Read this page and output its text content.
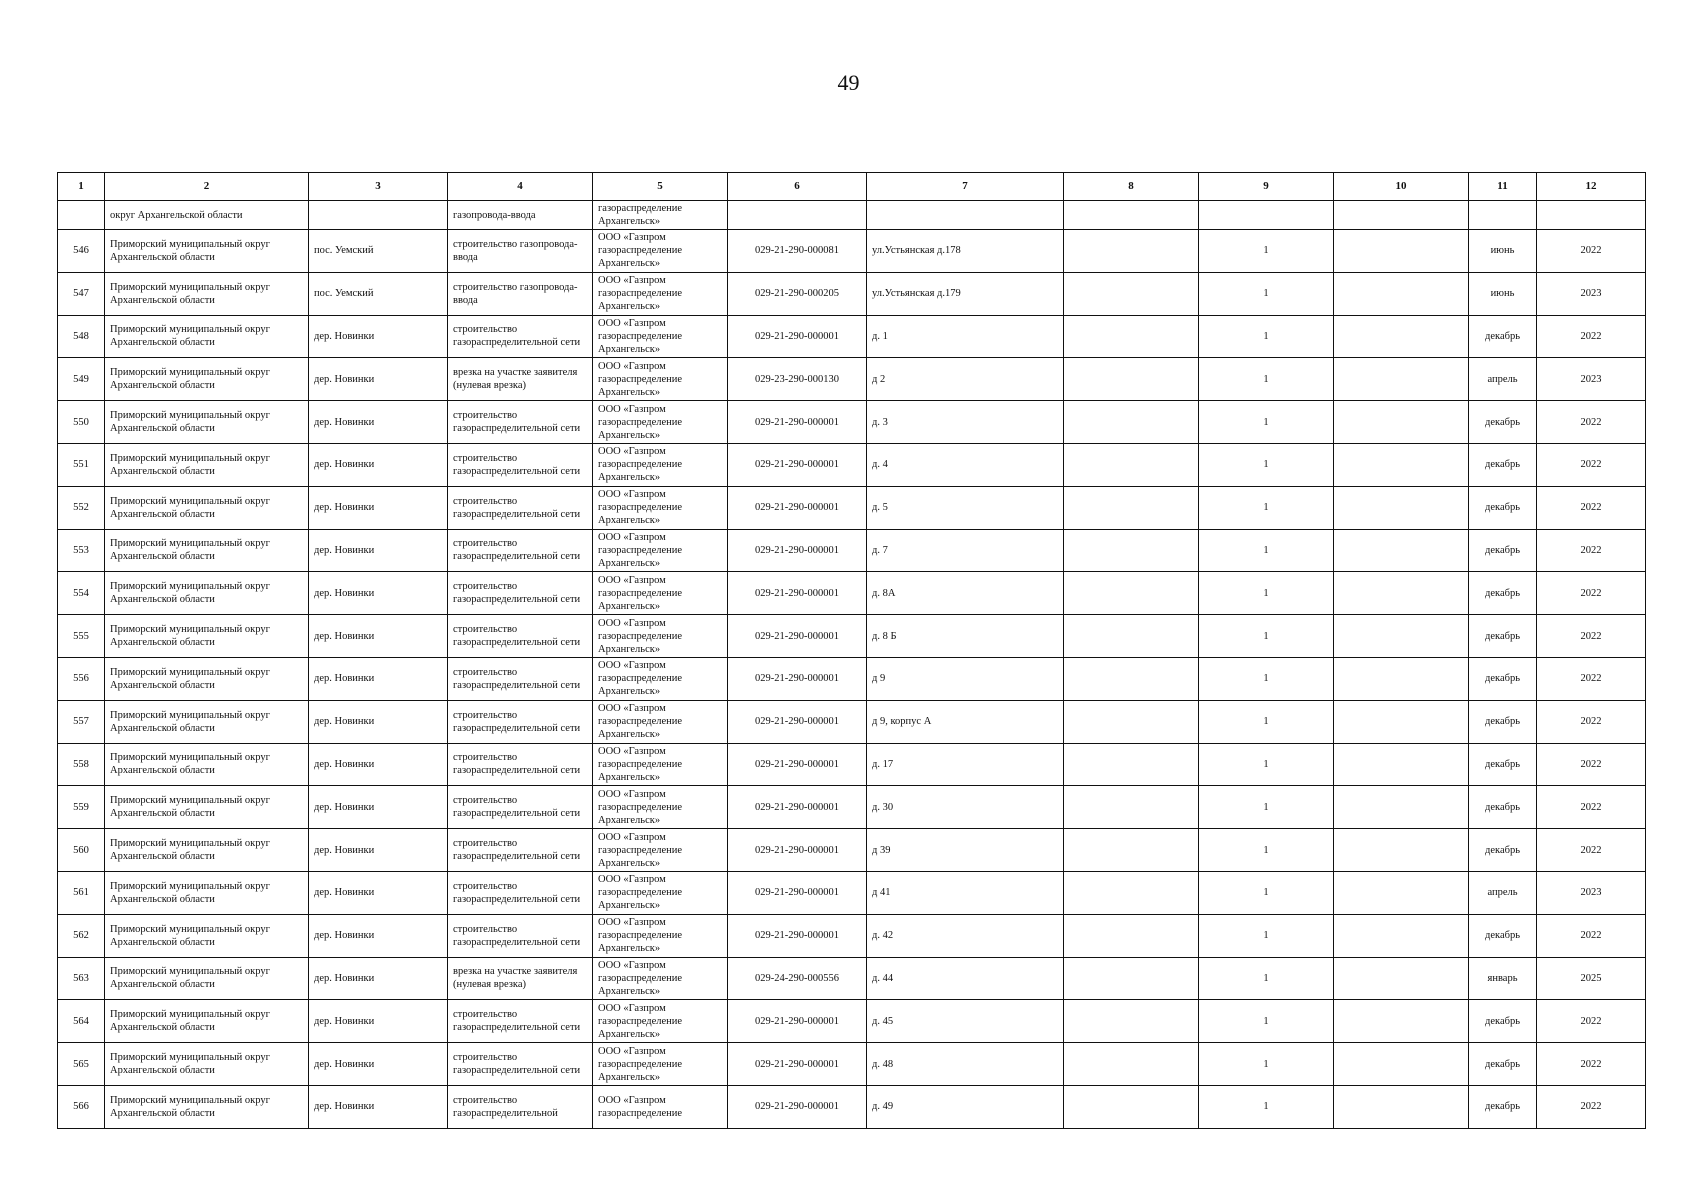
49
1	2	3	4	5	6	7	8	9	10	11	12
	округ Архангельской области		газопровода-ввода	газораспределение Архангельск»							
546	Приморский муниципальный округ Архангельской области	пос. Уемский	строительство газопровода-ввода	ООО «Газпром газораспределение Архангельск»	029-21-290-000081	ул.Устьянская д.178		1		июнь	2022
547	Приморский муниципальный округ Архангельской области	пос. Уемский	строительство газопровода-ввода	ООО «Газпром газораспределение Архангельск»	029-21-290-000205	ул.Устьянская д.179		1		июнь	2023
548	Приморский муниципальный округ Архангельской области	дер. Новинки	строительство газораспределительной сети	ООО «Газпром газораспределение Архангельск»	029-21-290-000001	д. 1		1		декабрь	2022
549	Приморский муниципальный округ Архангельской области	дер. Новинки	врезка на участке заявителя (нулевая врезка)	ООО «Газпром газораспределение Архангельск»	029-23-290-000130	д 2		1		апрель	2023
550	Приморский муниципальный округ Архангельской области	дер. Новинки	строительство газораспределительной сети	ООО «Газпром газораспределение Архангельск»	029-21-290-000001	д. 3		1		декабрь	2022
551	Приморский муниципальный округ Архангельской области	дер. Новинки	строительство газораспределительной сети	ООО «Газпром газораспределение Архангельск»	029-21-290-000001	д. 4		1		декабрь	2022
552	Приморский муниципальный округ Архангельской области	дер. Новинки	строительство газораспределительной сети	ООО «Газпром газораспределение Архангельск»	029-21-290-000001	д. 5		1		декабрь	2022
553	Приморский муниципальный округ Архангельской области	дер. Новинки	строительство газораспределительной сети	ООО «Газпром газораспределение Архангельск»	029-21-290-000001	д. 7		1		декабрь	2022
554	Приморский муниципальный округ Архангельской области	дер. Новинки	строительство газораспределительной сети	ООО «Газпром газораспределение Архангельск»	029-21-290-000001	д. 8А		1		декабрь	2022
555	Приморский муниципальный округ Архангельской области	дер. Новинки	строительство газораспределительной сети	ООО «Газпром газораспределение Архангельск»	029-21-290-000001	д. 8 Б		1		декабрь	2022
556	Приморский муниципальный округ Архангельской области	дер. Новинки	строительство газораспределительной сети	ООО «Газпром газораспределение Архангельск»	029-21-290-000001	д 9		1		декабрь	2022
557	Приморский муниципальный округ Архангельской области	дер. Новинки	строительство газораспределительной сети	ООО «Газпром газораспределение Архангельск»	029-21-290-000001	д 9, корпус А		1		декабрь	2022
558	Приморский муниципальный округ Архангельской области	дер. Новинки	строительство газораспределительной сети	ООО «Газпром газораспределение Архангельск»	029-21-290-000001	д. 17		1		декабрь	2022
559	Приморский муниципальный округ Архангельской области	дер. Новинки	строительство газораспределительной сети	ООО «Газпром газораспределение Архангельск»	029-21-290-000001	д. 30		1		декабрь	2022
560	Приморский муниципальный округ Архангельской области	дер. Новинки	строительство газораспределительной сети	ООО «Газпром газораспределение Архангельск»	029-21-290-000001	д 39		1		декабрь	2022
561	Приморский муниципальный округ Архангельской области	дер. Новинки	строительство газораспределительной сети	ООО «Газпром газораспределение Архангельск»	029-21-290-000001	д 41		1		апрель	2023
562	Приморский муниципальный округ Архангельской области	дер. Новинки	строительство газораспределительной сети	ООО «Газпром газораспределение Архангельск»	029-21-290-000001	д. 42		1		декабрь	2022
563	Приморский муниципальный округ Архангельской области	дер. Новинки	врезка на участке заявителя (нулевая врезка)	ООО «Газпром газораспределение Архангельск»	029-24-290-000556	д. 44		1		январь	2025
564	Приморский муниципальный округ Архангельской области	дер. Новинки	строительство газораспределительной сети	ООО «Газпром газораспределение Архангельск»	029-21-290-000001	д. 45		1		декабрь	2022
565	Приморский муниципальный округ Архангельской области	дер. Новинки	строительство газораспределительной сети	ООО «Газпром газораспределение Архангельск»	029-21-290-000001	д. 48		1		декабрь	2022
566	Приморский муниципальный округ Архангельской области	дер. Новинки	строительство газораспределительной	ООО «Газпром газораспределение	029-21-290-000001	д. 49		1		декабрь	2022
